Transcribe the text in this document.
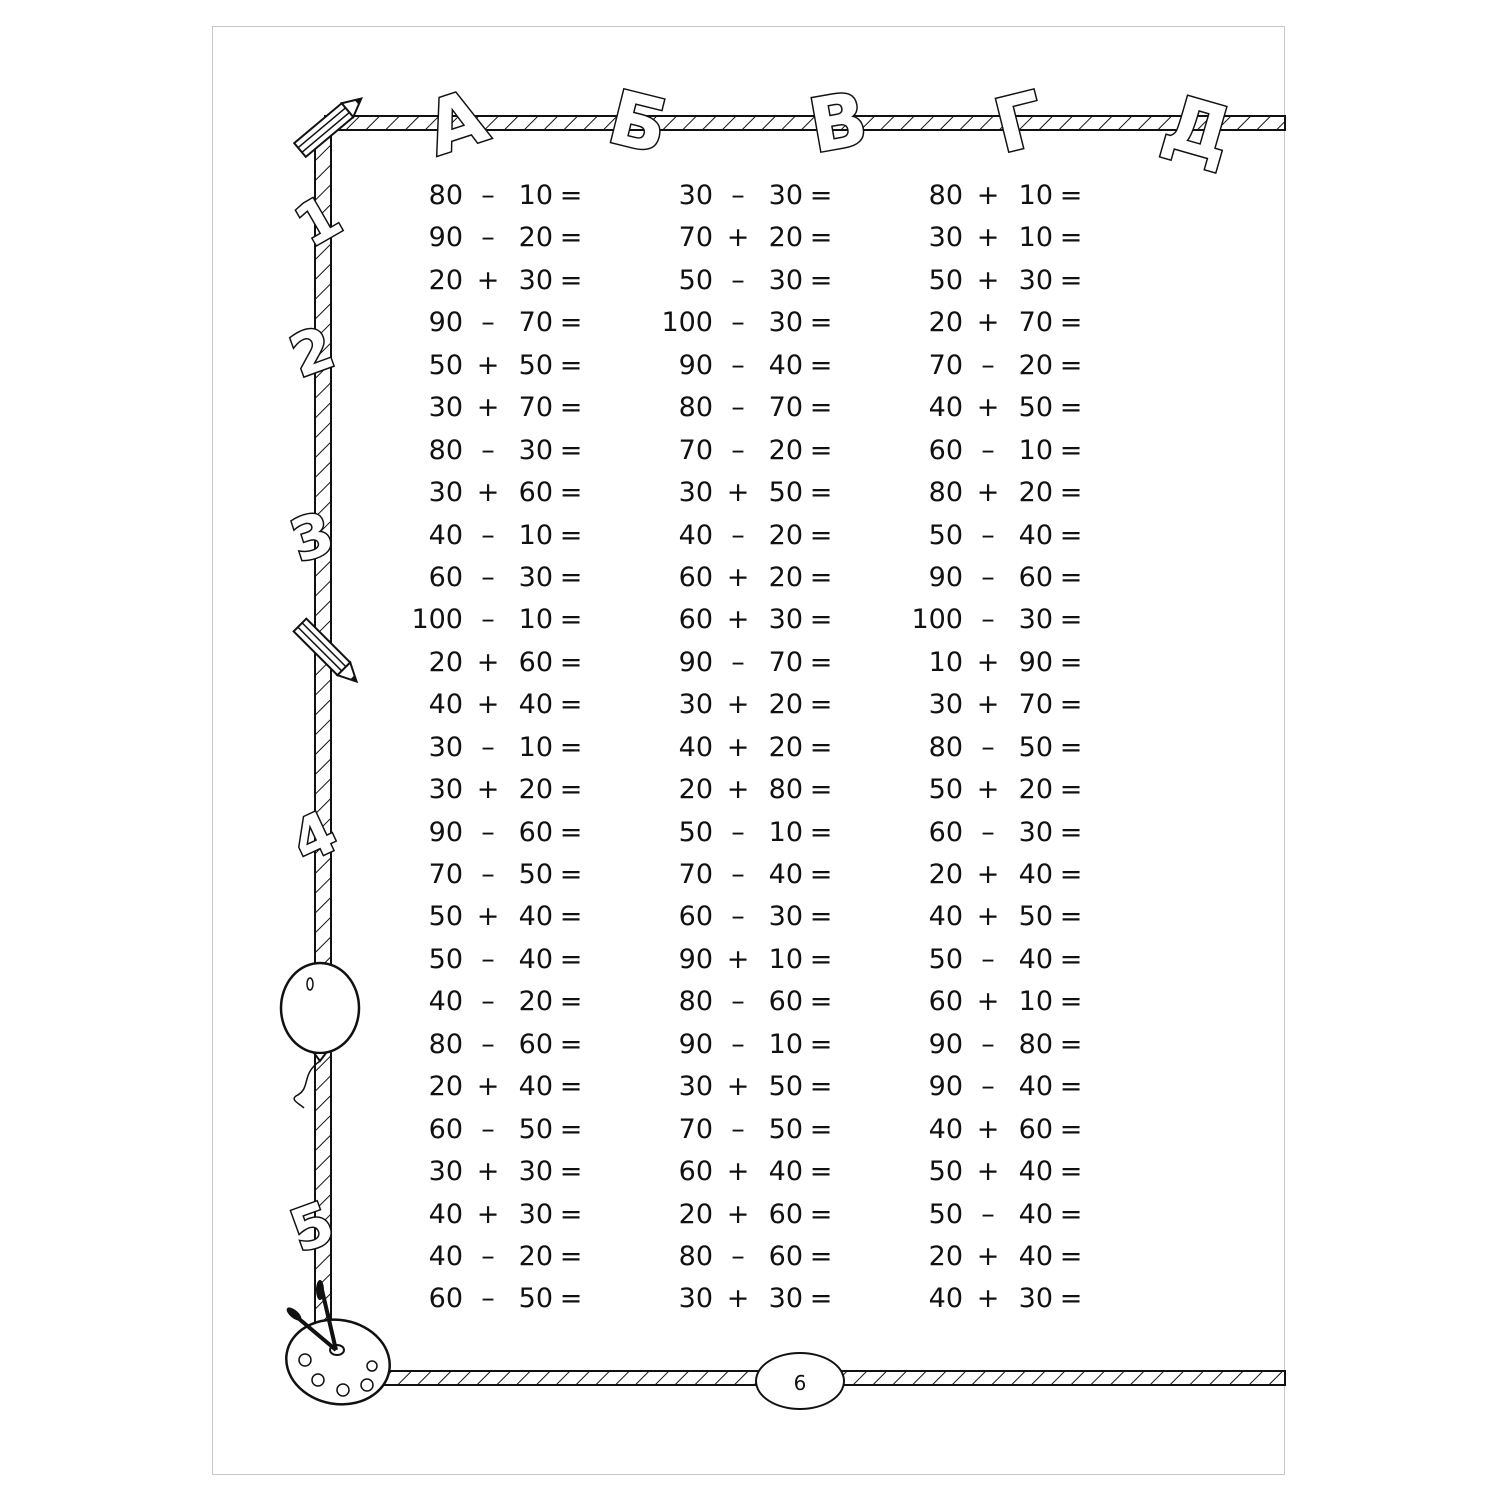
А Б В Г Д
1
2
3
4
5
80 – 10 =
90 – 20 =
20 + 30 =
90 – 70 =
50 + 50 =
30 + 70 =
80 – 30 =
30 + 60 =
40 – 10 =
60 – 30 =
100 – 10 =
20 + 60 =
40 + 40 =
30 – 10 =
30 + 20 =
90 – 60 =
70 – 50 =
50 + 40 =
50 – 40 =
40 – 20 =
80 – 60 =
20 + 40 =
60 – 50 =
30 + 30 =
40 + 30 =
40 – 20 =
60 – 50 =
30 – 30 =
70 + 20 =
50 – 30 =
100 – 30 =
90 – 40 =
80 – 70 =
70 – 20 =
30 + 50 =
40 – 20 =
60 + 20 =
60 + 30 =
90 – 70 =
30 + 20 =
40 + 20 =
20 + 80 =
50 – 10 =
70 – 40 =
60 – 30 =
90 + 10 =
80 – 60 =
90 – 10 =
30 + 50 =
70 – 50 =
60 + 40 =
20 + 60 =
80 – 60 =
30 + 30 =
80 + 10 =
30 + 10 =
50 + 30 =
20 + 70 =
70 – 20 =
40 + 50 =
60 – 10 =
80 + 20 =
50 – 40 =
90 – 60 =
100 – 30 =
10 + 90 =
30 + 70 =
80 – 50 =
50 + 20 =
60 – 30 =
20 + 40 =
40 + 50 =
50 – 40 =
60 + 10 =
90 – 80 =
90 – 40 =
40 + 60 =
50 + 40 =
50 – 40 =
20 + 40 =
40 + 30 =
6
